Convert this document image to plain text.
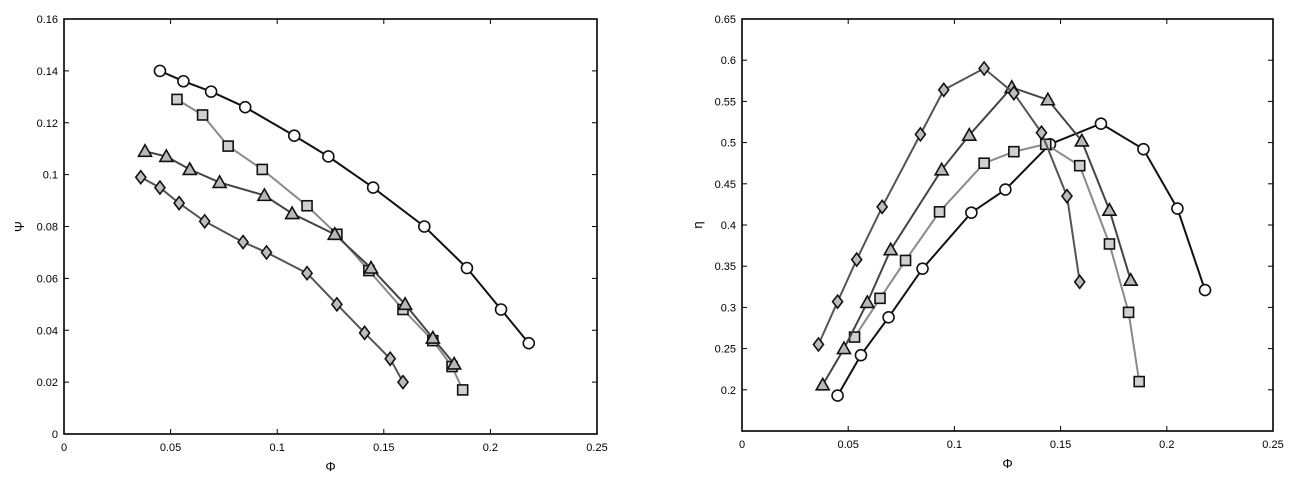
0	0.05	0.1	0.15	0.2	0.25
0
0.02
0.04
0.06
0.08
0.1
0.12
0.14
0.16
Φ
Ψ
0	0.05	0.1	0.15	0.2	0.25
0.2
0.25
0.3
0.35
0.4
0.45
0.5
0.55
0.6
0.65
Φ
η
